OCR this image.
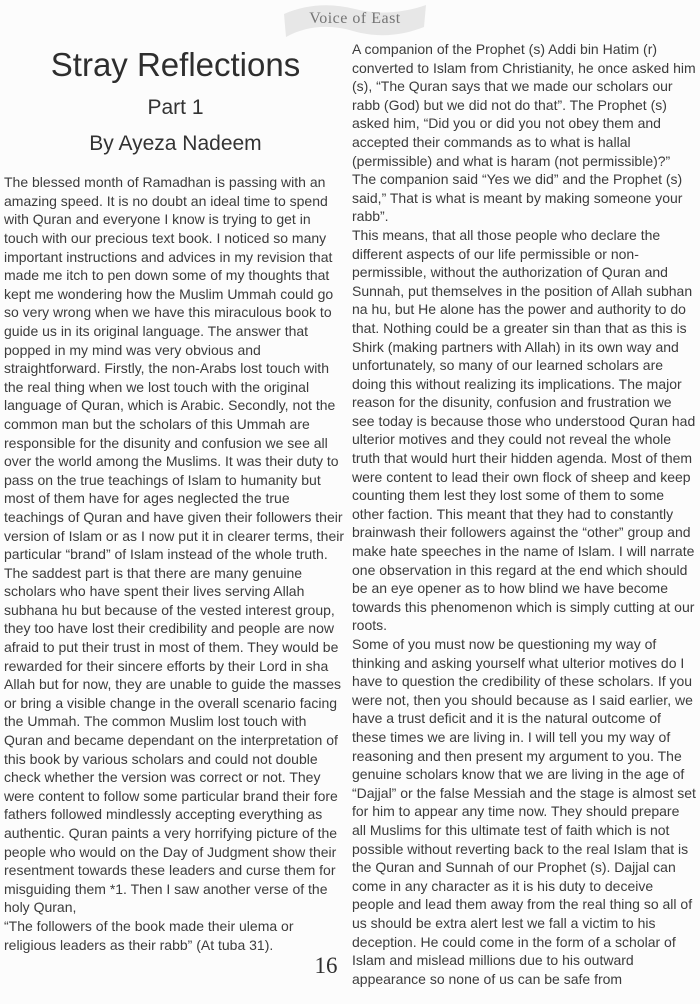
Voice of East
Stray Reflections
Part 1
By Ayeza Nadeem

The blessed month of Ramadhan is passing with an amazing speed. It is no doubt an ideal time to spend with Quran and everyone I know is trying to get in touch with our precious text book. I noticed so many important instructions and advices in my revision that made me itch to pen down some of my thoughts that kept me wondering how the Muslim Ummah could go so very wrong when we have this miraculous book to guide us in its original language. The answer that popped in my mind was very obvious and straightforward. Firstly, the non-Arabs lost touch with the real thing when we lost touch with the original language of Quran, which is Arabic. Secondly, not the common man but the scholars of this Ummah are responsible for the disunity and confusion we see all over the world among the Muslims. It was their duty to pass on the true teachings of Islam to humanity but most of them have for ages neglected the true teachings of Quran and have given their followers their version of Islam or as I now put it in clearer terms, their particular “brand” of Islam instead of the whole truth. The saddest part is that there are many genuine scholars who have spent their lives serving Allah subhana hu but because of the vested interest group, they too have lost their credibility and people are now afraid to put their trust in most of them. They would be rewarded for their sincere efforts by their Lord in sha Allah but for now, they are unable to guide the masses or bring a visible change in the overall scenario facing the Ummah. The common Muslim lost touch with Quran and became dependant on the interpretation of this book by various scholars and could not double check whether the version was correct or not. They were content to follow some particular brand their fore fathers followed mindlessly accepting everything as authentic. Quran paints a very horrifying picture of the people who would on the Day of Judgment show their resentment towards these leaders and curse them for misguiding them *1. Then I saw another verse of the holy Quran,

“The followers of the book made their ulema or religious leaders as their rabb” (At tuba 31).

A companion of the Prophet (s) Addi bin Hatim (r) converted to Islam from Christianity, he once asked him (s), “The Quran says that we made our scholars our rabb (God) but we did not do that”. The Prophet (s) asked him, “Did you or did you not obey them and accepted their commands as to what is hallal (permissible) and what is haram (not permissible)?” The companion said “Yes we did” and the Prophet (s) said,” That is what is meant by making someone your rabb”.

This means, that all those people who declare the different aspects of our life permissible or non-permissible, without the authorization of Quran and Sunnah, put themselves in the position of Allah subhan na hu, but He alone has the power and authority to do that. Nothing could be a greater sin than that as this is Shirk (making partners with Allah) in its own way and unfortunately, so many of our learned scholars are doing this without realizing its implications. The major reason for the disunity, confusion and frustration we see today is because those who understood Quran had ulterior motives and they could not reveal the whole truth that would hurt their hidden agenda. Most of them were content to lead their own flock of sheep and keep counting them lest they lost some of them to some other faction. This meant that they had to constantly brainwash their followers against the “other” group and make hate speeches in the name of Islam. I will narrate one observation in this regard at the end which should be an eye opener as to how blind we have become towards this phenomenon which is simply cutting at our roots.

Some of you must now be questioning my way of thinking and asking yourself what ulterior motives do I have to question the credibility of these scholars. If you were not, then you should because as I said earlier, we have a trust deficit and it is the natural outcome of these times we are living in. I will tell you my way of reasoning and then present my argument to you. The genuine scholars know that we are living in the age of “Dajjal” or the false Messiah and the stage is almost set for him to appear any time now. They should prepare all Muslims for this ultimate test of faith which is not possible without reverting back to the real Islam that is the Quran and Sunnah of our Prophet (s). Dajjal can come in any character as it is his duty to deceive people and lead them away from the real thing so all of us should be extra alert lest we fall a victim to his deception. He could come in the form of a scholar of Islam and mislead millions due to his outward appearance so none of us can be safe from

16
